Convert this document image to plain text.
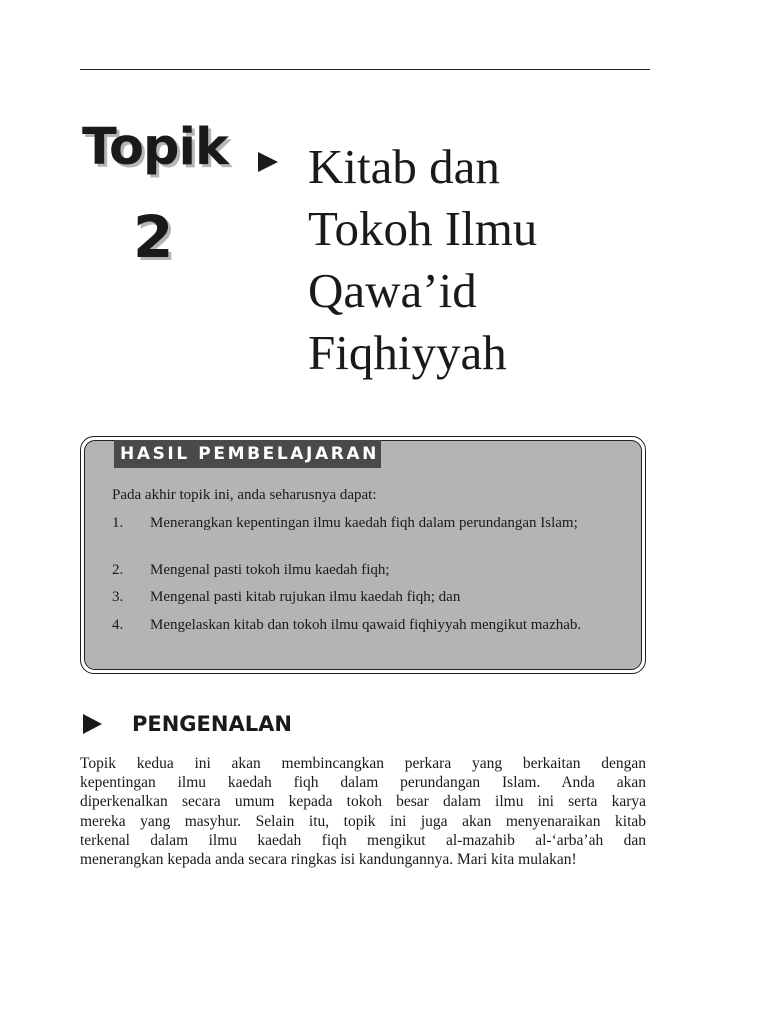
Topik
2
Kitab dan
Tokoh Ilmu
Qawa’id
Fiqhiyyah
HASIL PEMBELAJARAN
Pada akhir topik ini, anda seharusnya dapat:
1. Menerangkan kepentingan ilmu kaedah fiqh dalam perundangan Islam;
2. Mengenal pasti tokoh ilmu kaedah fiqh;
3. Mengenal pasti kitab rujukan ilmu kaedah fiqh; dan
4. Mengelaskan kitab dan tokoh ilmu qawaid fiqhiyyah mengikut mazhab.
PENGENALAN
Topik kedua ini akan membincangkan perkara yang berkaitan dengan
kepentingan ilmu kaedah fiqh dalam perundangan Islam. Anda akan
diperkenalkan secara umum kepada tokoh besar dalam ilmu ini serta karya
mereka yang masyhur. Selain itu, topik ini juga akan menyenaraikan kitab
terkenal dalam ilmu kaedah fiqh mengikut al-mazahib al-‘arba’ah dan
menerangkan kepada anda secara ringkas isi kandungannya. Mari kita mulakan!
